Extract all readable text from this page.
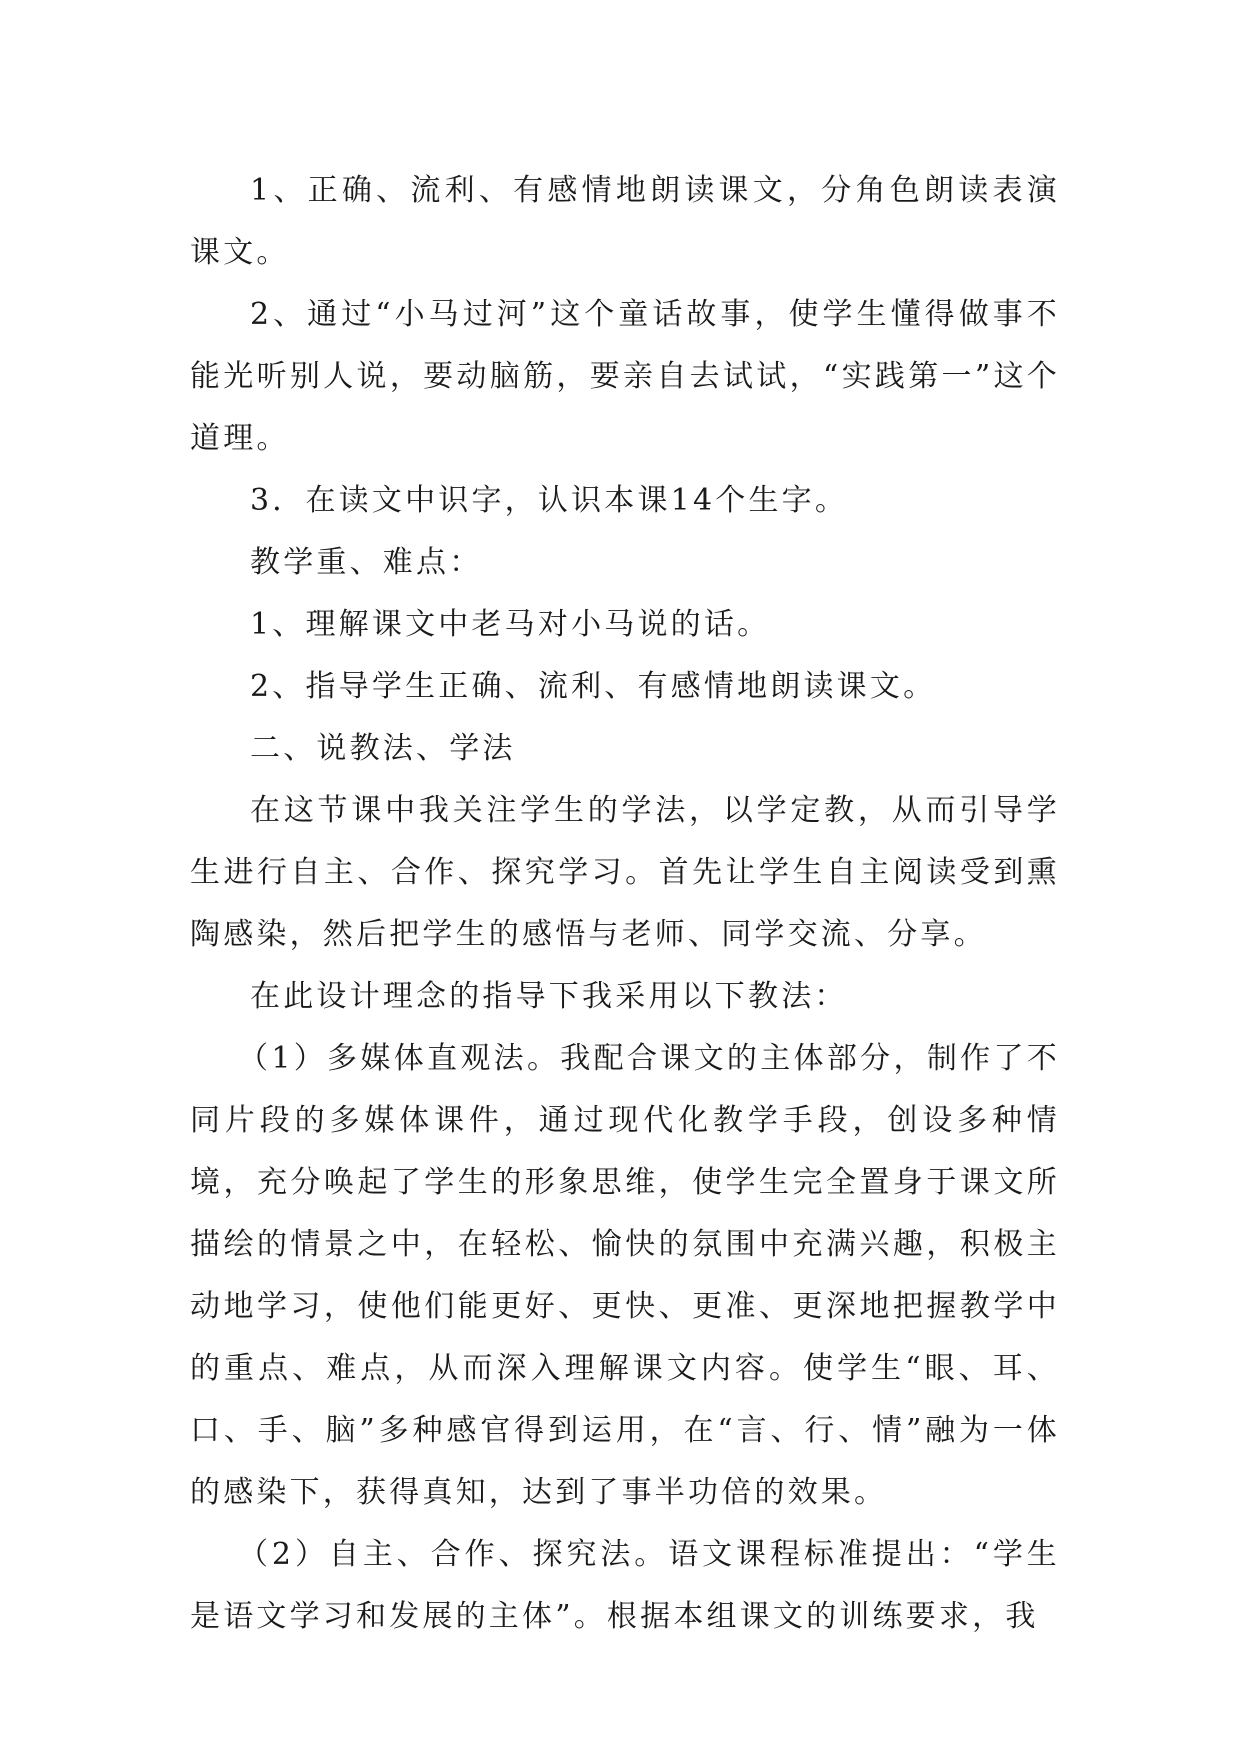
1、正确、流利、有感情地朗读课文，分角色朗读表演课文。

2、通过“小马过河”这个童话故事，使学生懂得做事不能光听别人说，要动脑筋，要亲自去试试，“实践第一”这个道理。

3．在读文中识字，认识本课14个生字。

教学重、难点：

1、理解课文中老马对小马说的话。

2、指导学生正确、流利、有感情地朗读课文。

二、说教法、学法

在这节课中我关注学生的学法，以学定教，从而引导学生进行自主、合作、探究学习。首先让学生自主阅读受到熏陶感染，然后把学生的感悟与老师、同学交流、分享。

在此设计理念的指导下我采用以下教法：

（1）多媒体直观法。我配合课文的主体部分，制作了不同片段的多媒体课件，通过现代化教学手段，创设多种情境，充分唤起了学生的形象思维，使学生完全置身于课文所描绘的情景之中，在轻松、愉快的氛围中充满兴趣，积极主动地学习，使他们能更好、更快、更准、更深地把握教学中的重点、难点，从而深入理解课文内容。使学生“眼、耳、口、手、脑”多种感官得到运用，在“言、行、情”融为一体的感染下，获得真知，达到了事半功倍的效果。

（2）自主、合作、探究法。语文课程标准提出：“学生是语文学习和发展的主体”。根据本组课文的训练要求，我
